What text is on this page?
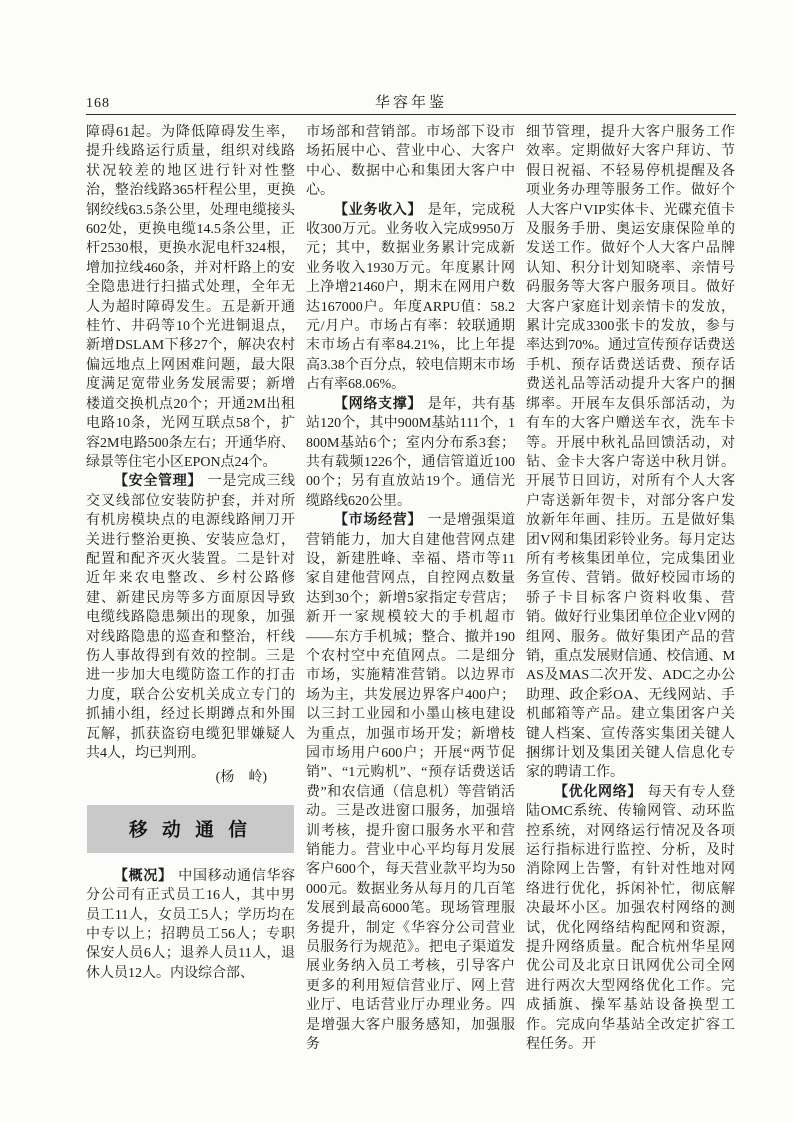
168	华容年鉴

障碍61起。为降低障碍发生率，提升线路运行质量，组织对线路状况较差的地区进行针对性整治，整治线路365杆程公里，更换钢绞线63.5条公里，处理电缆接头602处，更换电缆14.5条公里，正杆2530根，更换水泥电杆324根，增加拉线460条，并对杆路上的安全隐患进行扫描式处理，全年无人为超时障碍发生。五是新开通桂竹、井码等10个光进铜退点，新增DSLAM下移27个，解决农村偏远地点上网困难问题，最大限度满足宽带业务发展需要；新增楼道交换机点20个；开通2M出租电路10条，光网互联点58个，扩容2M电路500条左右；开通华府、绿景等住宅小区EPON点24个。

【安全管理】 一是完成三线交叉线部位安装防护套，并对所有机房模块点的电源线路闸刀开关进行整治更换、安装应急灯，配置和配齐灭火装置。二是针对近年来农电整改、乡村公路修建、新建民房等多方面原因导致电缆线路隐患频出的现象，加强对线路隐患的巡查和整治，杆线伤人事故得到有效的控制。三是进一步加大电缆防盗工作的打击力度，联合公安机关成立专门的抓捕小组，经过长期蹲点和外围瓦解，抓获盗窃电缆犯罪嫌疑人共4人，均已判刑。

(杨　岭)

移 动 通 信

【概况】 中国移动通信华容分公司有正式员工16人，其中男员工11人，女员工5人；学历均在中专以上；招聘员工56人；专职保安人员6人；退养人员11人，退休人员12人。内设综合部、

市场部和营销部。市场部下设市场拓展中心、营业中心、大客户中心、数据中心和集团大客户中心。

【业务收入】 是年，完成税收300万元。业务收入完成9950万元；其中，数据业务累计完成新业务收入1930万元。年度累计网上净增21460户，期末在网用户数达167000户。年度ARPU值：58.2元/月户。市场占有率：较联通期末市场占有率84.21%，比上年提高3.38个百分点，较电信期末市场占有率68.06%。

【网络支撑】 是年，共有基站120个，其中900M基站111个，1800M基站6个；室内分布系3套；共有载频1226个，通信管道近10000个；另有直放站19个。通信光缆路线620公里。

【市场经营】 一是增强渠道营销能力，加大自建他营网点建设，新建胜峰、幸福、塔市等11家自建他营网点，自控网点数量达到30个；新增5家指定专营店；新开一家规模较大的手机超市——东方手机城；整合、撤并190个农村空中充值网点。二是细分市场，实施精准营销。以边界市场为主，共发展边界客户400户；以三封工业园和小墨山核电建设为重点，加强市场开发；新增枝园市场用户600户；开展“两节促销”、“1元购机”、“预存话费送话费”和农信通（信息机）等营销活动。三是改进窗口服务，加强培训考核，提升窗口服务水平和营销能力。营业中心平均每月发展客户600个，每天营业款平均为50000元。数据业务从每月的几百笔发展到最高6000笔。现场管理服务提升，制定《华容分公司营业员服务行为规范》。把电子渠道发展业务纳入员工考核，引导客户更多的利用短信营业厅、网上营业厅、电话营业厅办理业务。四是增强大客户服务感知，加强服务

细节管理，提升大客户服务工作效率。定期做好大客户拜访、节假日祝福、不轻易停机提醒及各项业务办理等服务工作。做好个人大客户VIP实体卡、光碟充值卡及服务手册、奥运安康保险单的发送工作。做好个人大客户品牌认知、积分计划知晓率、亲情号码服务等大客户服务项目。做好大客户家庭计划亲情卡的发放，累计完成3300张卡的发放，参与率达到70%。通过宣传预存话费送手机、预存话费送话费、预存话费送礼品等活动提升大客户的捆绑率。开展车友俱乐部活动，为有车的大客户赠送车衣，洗车卡等。开展中秋礼品回馈活动，对钻、金卡大客户寄送中秋月饼。开展节日回访，对所有个人大客户寄送新年贺卡，对部分客户发放新年年画、挂历。五是做好集团V网和集团彩铃业务。每月定达所有考核集团单位，完成集团业务宣传、营销。做好校园市场的骄子卡目标客户资料收集、营销。做好行业集团单位企业V网的组网、服务。做好集团产品的营销，重点发展财信通、校信通、MAS及MAS二次开发、ADC之办公助理、政企彩OA、无线网站、手机邮箱等产品。建立集团客户关键人档案、宣传落实集团关键人捆绑计划及集团关键人信息化专家的聘请工作。

【优化网络】 每天有专人登陆OMC系统、传输网管、动环监控系统，对网络运行情况及各项运行指标进行监控、分析，及时消除网上告警，有针对性地对网络进行优化，拆闲补忙，彻底解决最坏小区。加强农村网络的测试，优化网络结构配网和资源，提升网络质量。配合杭州华星网优公司及北京日讯网优公司全网进行两次大型网络优化工作。完成插旗、操军基站设备换型工作。完成向华基站全改定扩容工程任务。开
